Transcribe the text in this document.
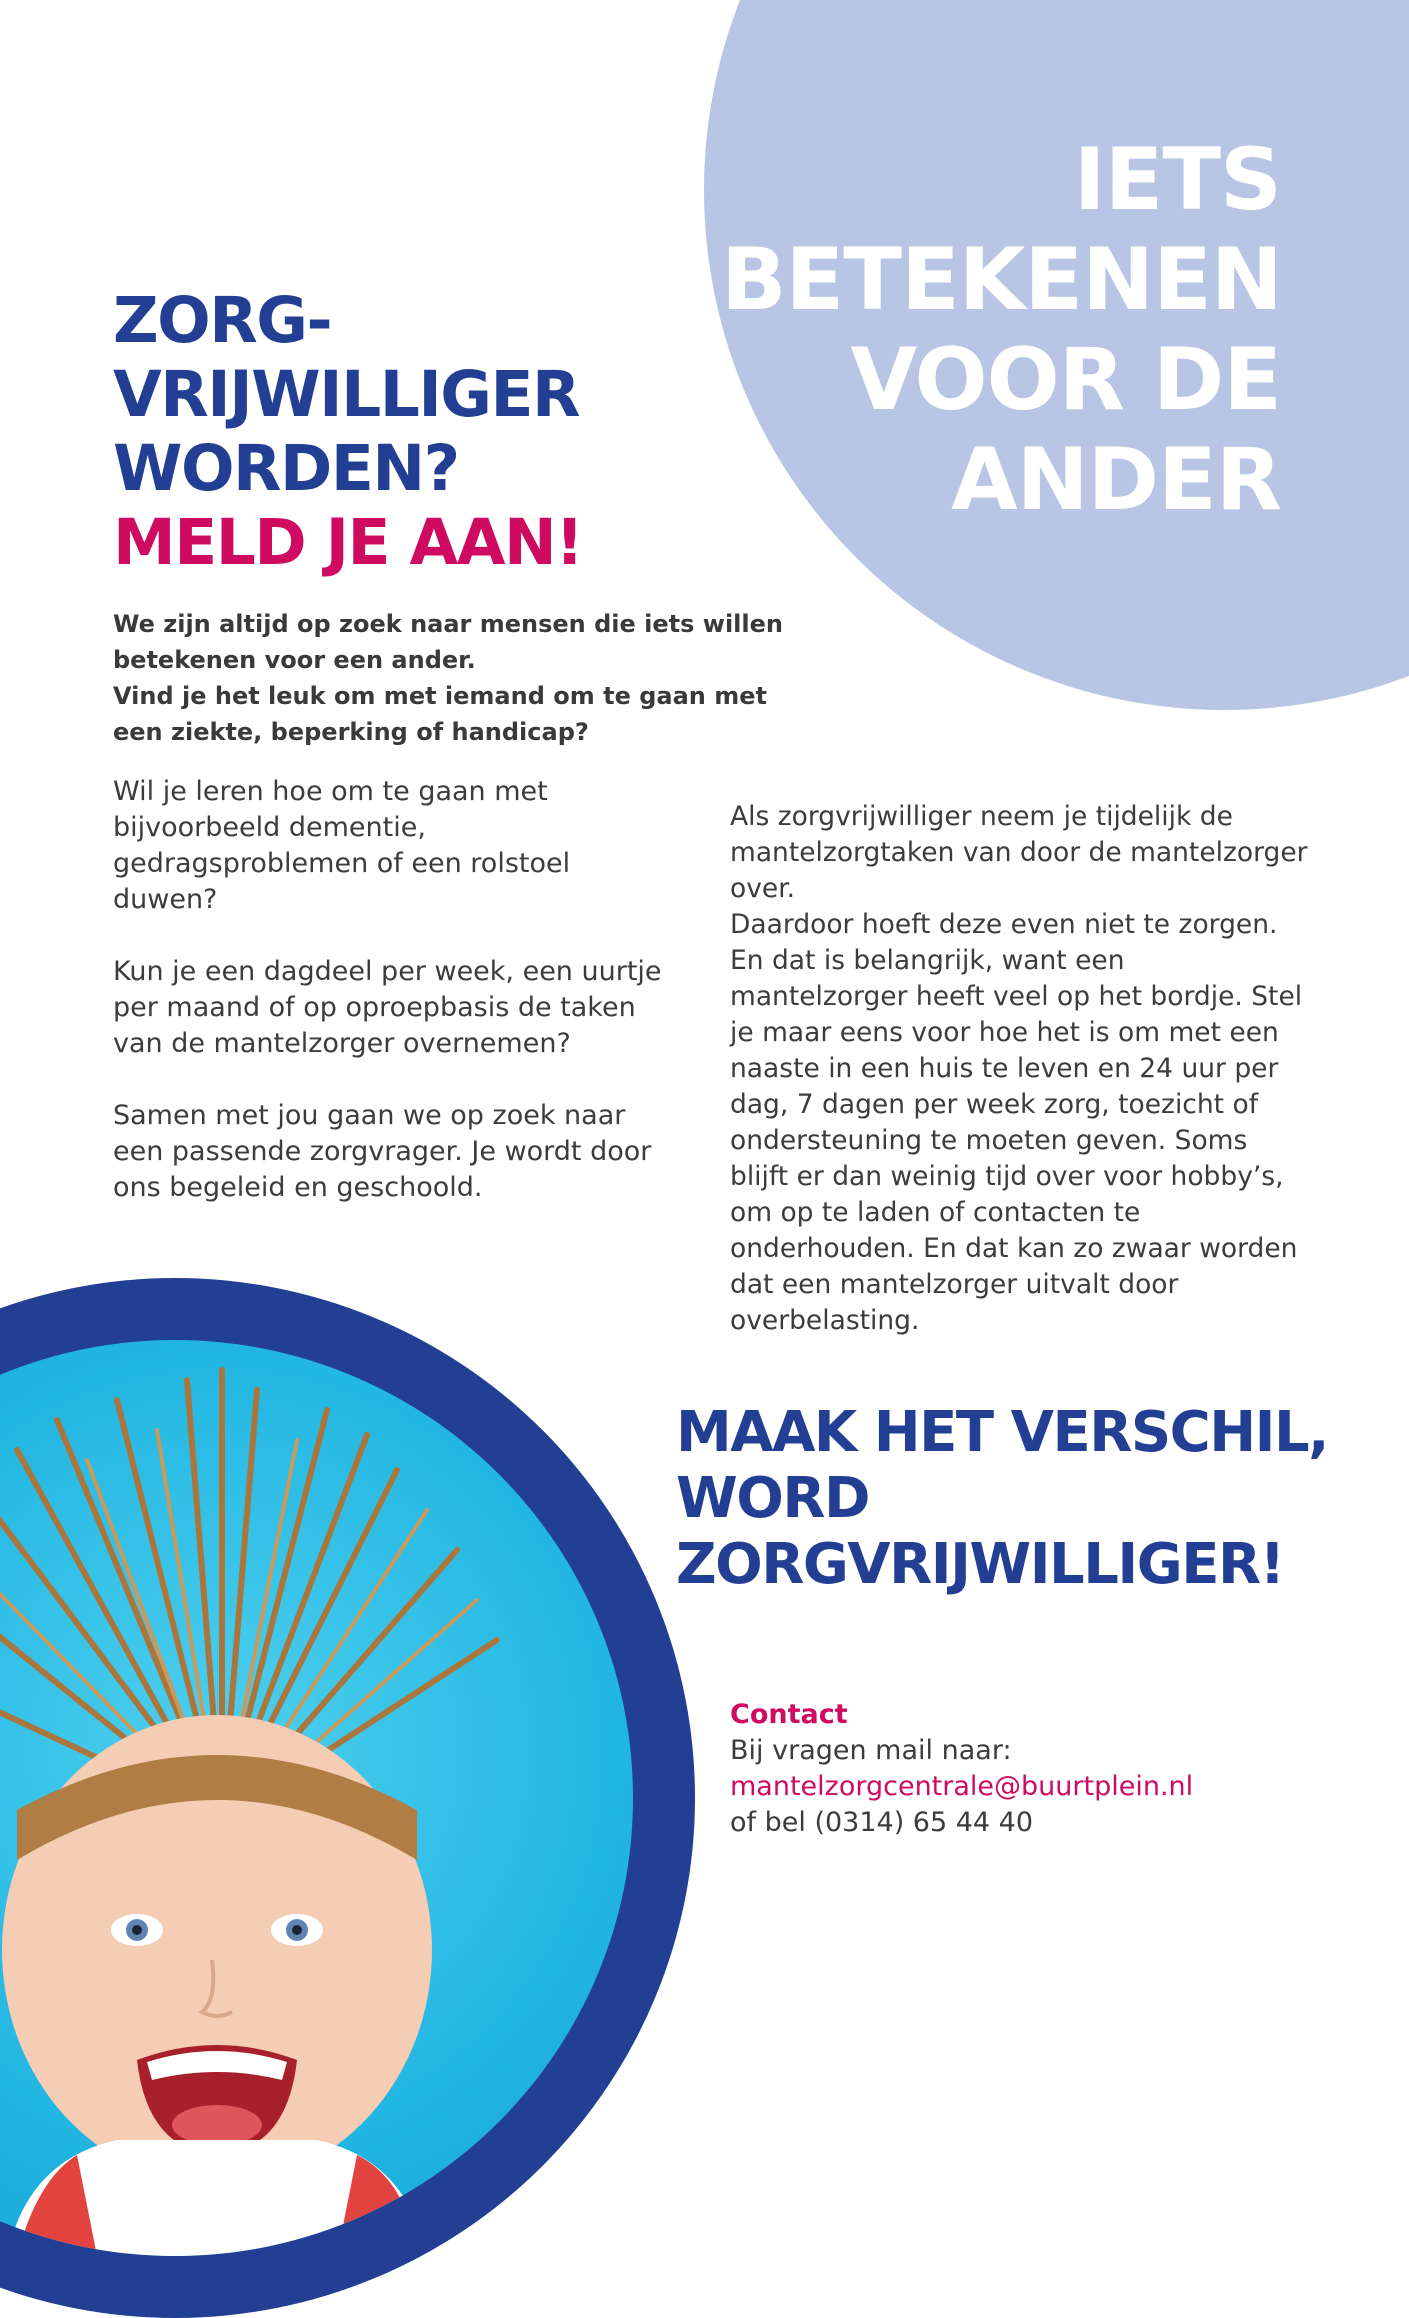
IETS
BETEKENEN
VOOR DE
ANDER
ZORG-
VRIJWILLIGER
WORDEN?
MELD JE AAN!
We zijn altijd op zoek naar mensen die iets willen
betekenen voor een ander.
Vind je het leuk om met iemand om te gaan met
een ziekte, beperking of handicap?

Wil je leren hoe om te gaan met bijvoorbeeld dementie, gedragsproblemen of een rolstoel duwen?

Kun je een dagdeel per week, een uurtje per maand of op oproepbasis de taken van de mantelzorger overnemen?

Samen met jou gaan we op zoek naar een passende zorgvrager. Je wordt door ons begeleid en geschoold.

Als zorgvrijwilliger neem je tijdelijk de mantelzorgtaken van door de mantelzorger over.

Daardoor hoeft deze even niet te zorgen. En dat is belangrijk, want een mantelzorger heeft veel op het bordje. Stel je maar eens voor hoe het is om met een naaste in een huis te leven en 24 uur per dag, 7 dagen per week zorg, toezicht of ondersteuning te moeten geven. Soms blijft er dan weinig tijd over voor hobby’s, om op te laden of contacten te onderhouden. En dat kan zo zwaar worden dat een mantelzorger uitvalt door overbelasting.

MAAK HET VERSCHIL,
WORD
ZORGVRIJWILLIGER!
Contact
Bij vragen mail naar:
mantelzorgcentrale@buurtplein.nl
of bel (0314) 65 44 40
